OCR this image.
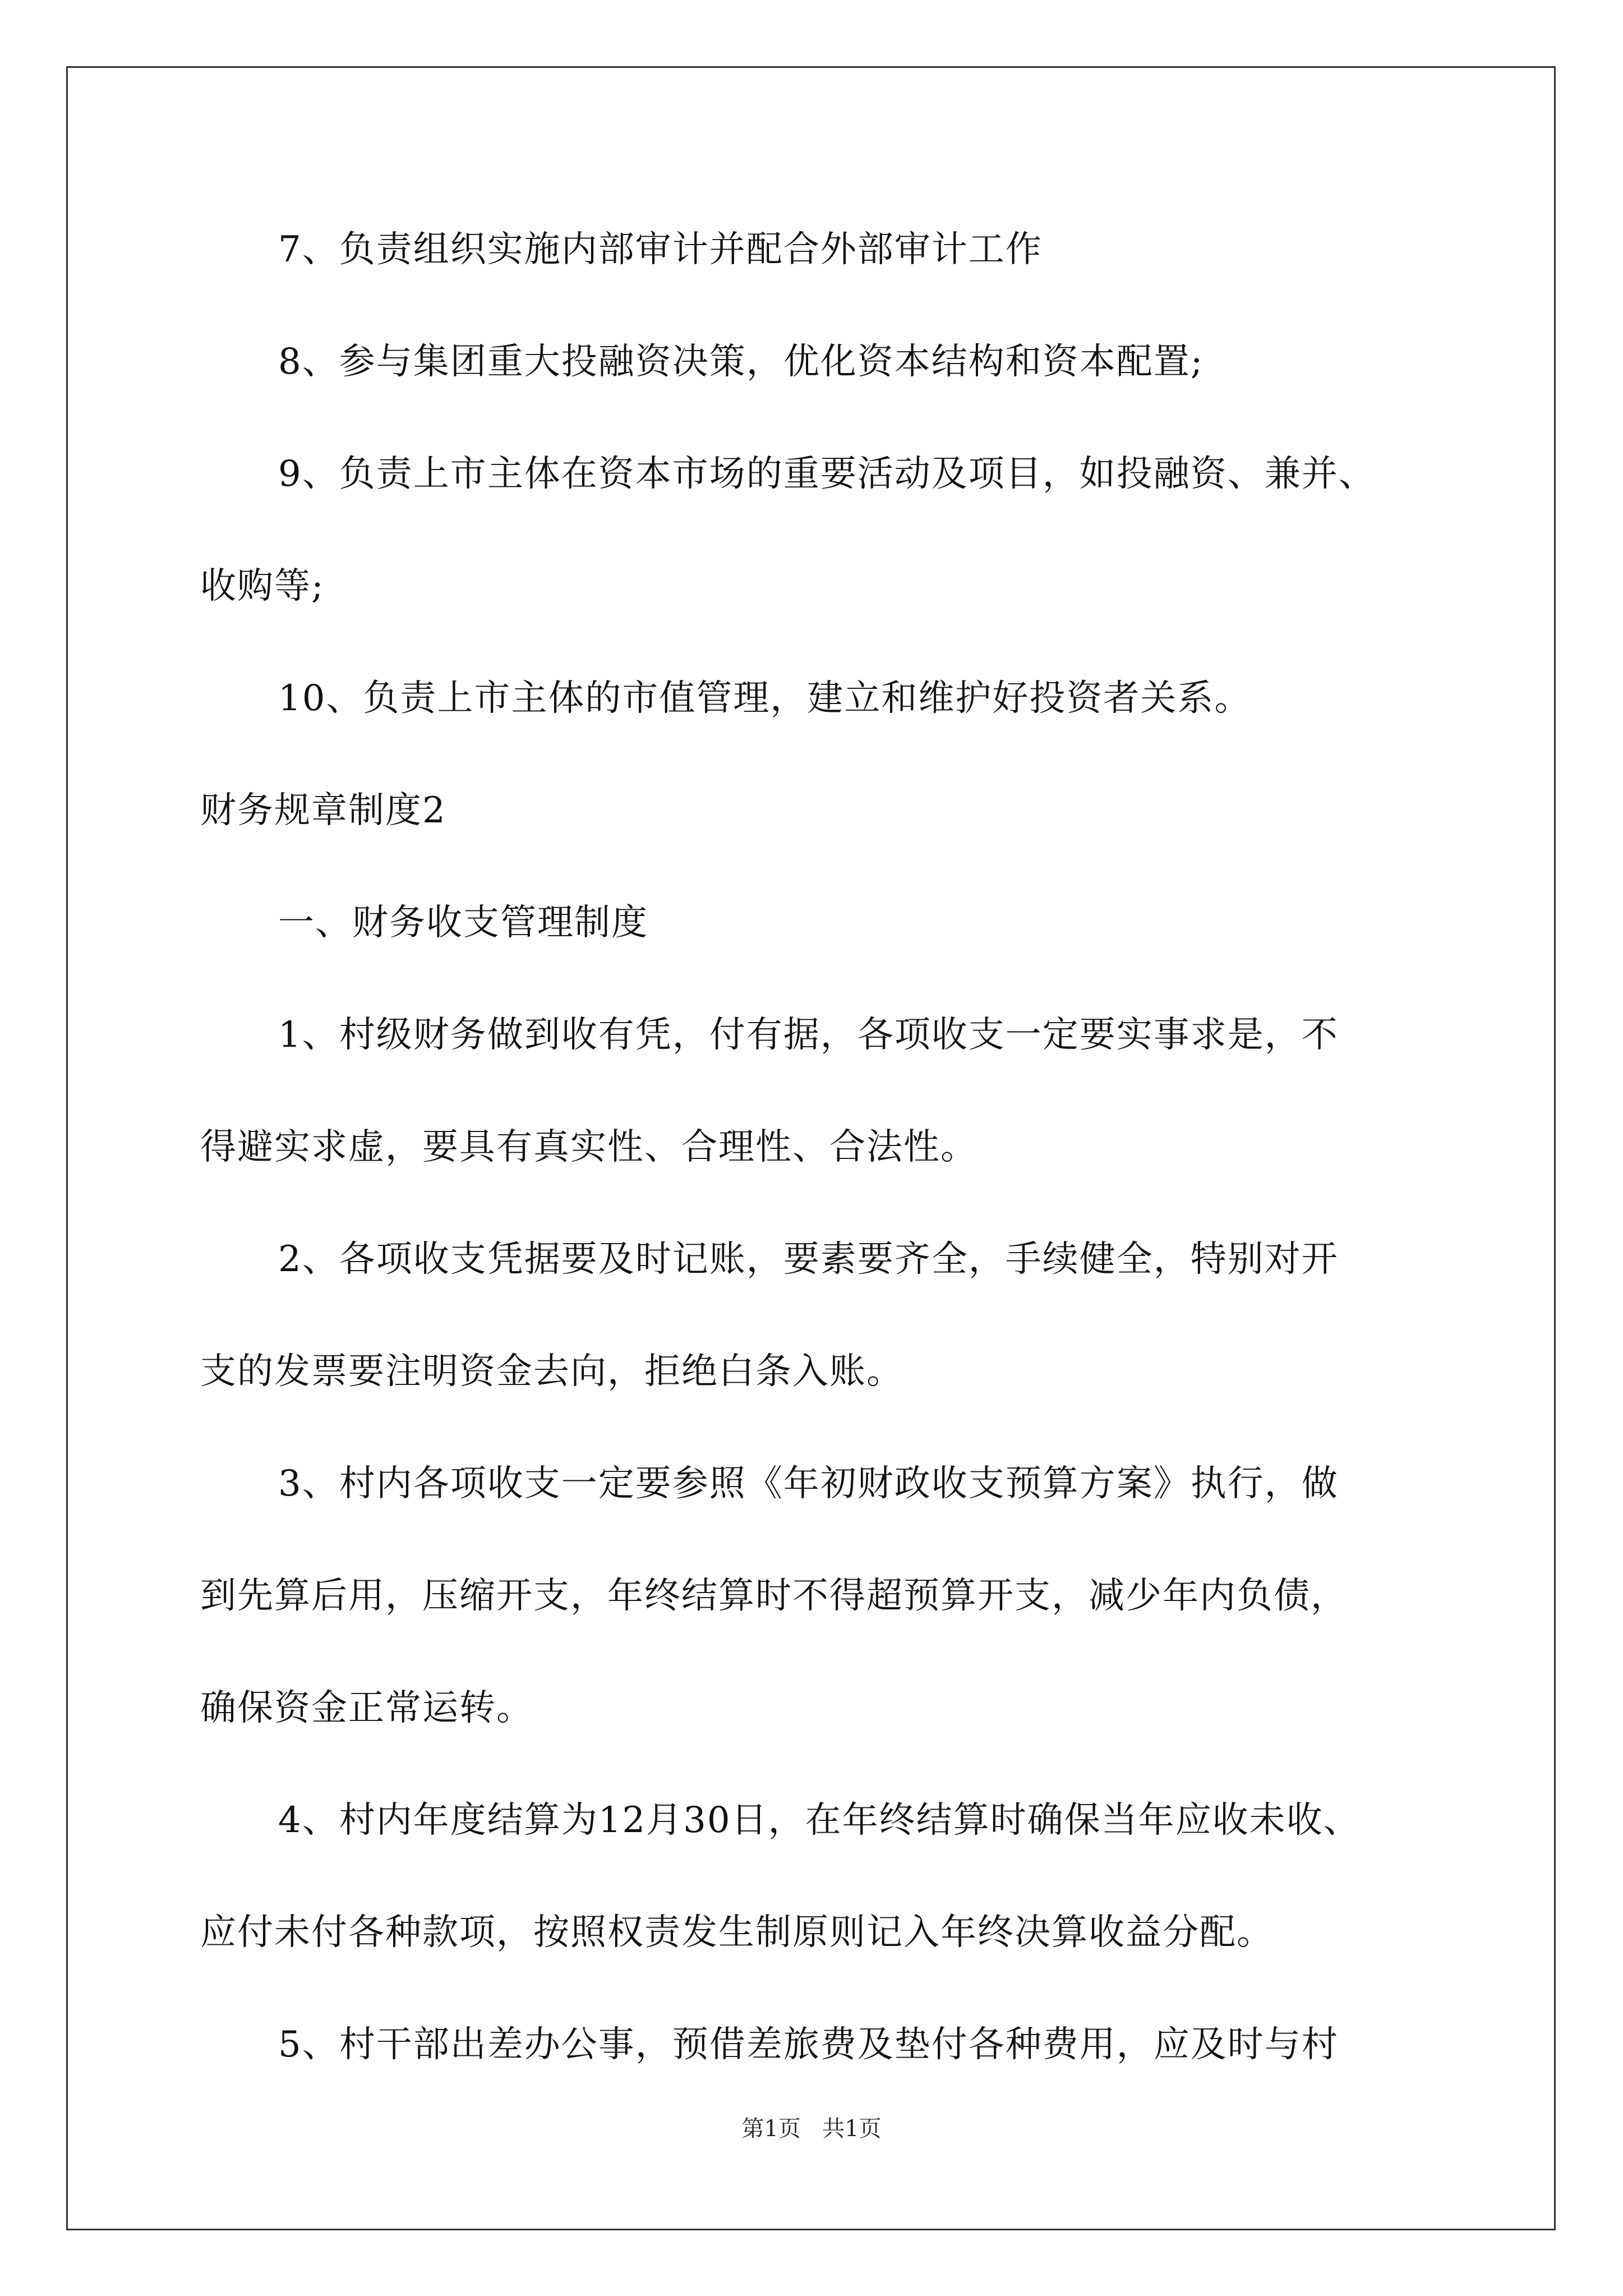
7、负责组织实施内部审计并配合外部审计工作
8、参与集团重大投融资决策，优化资本结构和资本配置;
9、负责上市主体在资本市场的重要活动及项目，如投融资、兼并、
收购等;
10、负责上市主体的市值管理，建立和维护好投资者关系。
财务规章制度2
一、财务收支管理制度
1、村级财务做到收有凭，付有据，各项收支一定要实事求是，不
得避实求虚，要具有真实性、合理性、合法性。
2、各项收支凭据要及时记账，要素要齐全，手续健全，特别对开
支的发票要注明资金去向，拒绝白条入账。
3、村内各项收支一定要参照《年初财政收支预算方案》执行，做
到先算后用，压缩开支，年终结算时不得超预算开支，减少年内负债，
确保资金正常运转。
4、村内年度结算为12月30日，在年终结算时确保当年应收未收、
应付未付各种款项，按照权责发生制原则记入年终决算收益分配。
5、村干部出差办公事，预借差旅费及垫付各种费用，应及时与村
第1页 共1页
